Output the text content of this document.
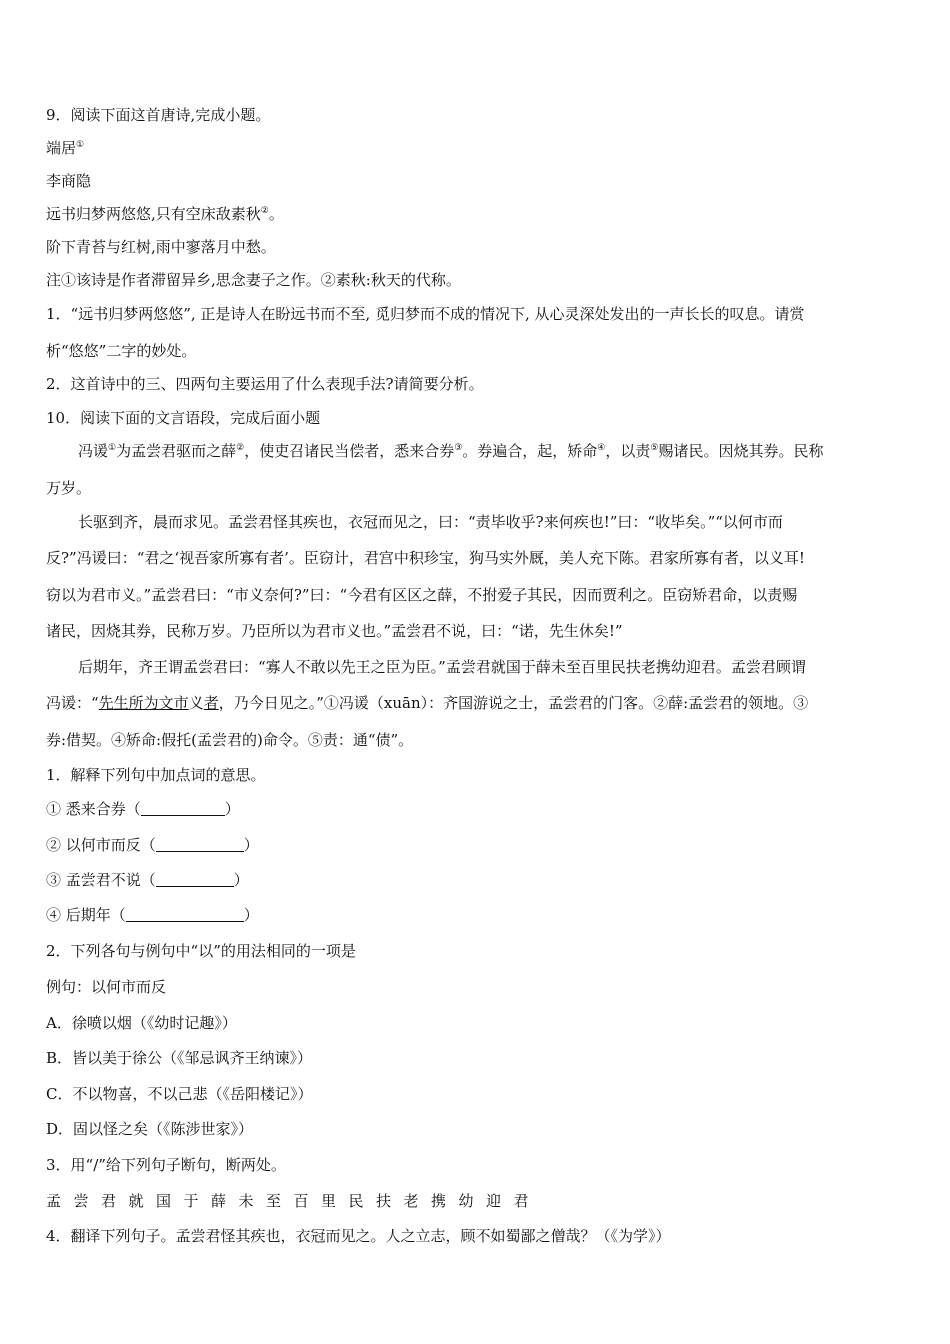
9．阅读下面这首唐诗,完成小题。
端居①
李商隐
远书归梦两悠悠,只有空床敌素秋②。
阶下青苔与红树,雨中寥落月中愁。
注①该诗是作者滞留异乡,思念妻子之作。②素秋:秋天的代称。
1．“远书归梦两悠悠”, 正是诗人在盼远书而不至, 觅归梦而不成的情况下, 从心灵深处发出的一声长长的叹息。请赏
析“悠悠”二字的妙处。
2．这首诗中的三、四两句主要运用了什么表现手法?请简要分析。
10．阅读下面的文言语段，完成后面小题
冯谖①为孟尝君驱而之薛②，使吏召诸民当偿者，悉来合券③。券遍合，起，矫命④，以责⑤赐诸民。因烧其券。民称
万岁。
长驱到齐，晨而求见。孟尝君怪其疾也，衣冠而见之，曰：“责毕收乎?来何疾也!”曰：“收毕矣。”“以何市而
反?”冯谖曰：“君之‘视吾家所寡有者’。臣窃计，君宫中积珍宝，狗马实外厩，美人充下陈。君家所寡有者，以义耳!
窃以为君市义。”孟尝君曰：“市义奈何?”曰：“今君有区区之薛，不拊爱子其民，因而贾利之。臣窃矫君命，以责赐
诸民，因烧其券，民称万岁。乃臣所以为君市义也。”孟尝君不说，曰：“诺，先生休矣!”
后期年，齐王谓孟尝君曰：“寡人不敢以先王之臣为臣。”孟尝君就国于薛未至百里民扶老携幼迎君。孟尝君顾谓
冯谖：“先生所为文市义者，乃今日见之。”①冯谖（xuān）：齐国游说之士，孟尝君的门客。②薛:孟尝君的领地。③
券:借契。④矫命:假托(孟尝君的)命令。⑤责：通“债”。
1．解释下列句中加点词的意思。
① 悉来合券（	）
② 以何市而反（	）
③ 孟尝君不说（	）
④ 后期年（	）
2．下列各句与例句中“以”的用法相同的一项是
例句：以何市而反
A．徐喷以烟（《幼时记趣》）
B．皆以美于徐公（《邹忌讽齐王纳谏》）
C．不以物喜，不以己悲（《岳阳楼记》）
D．固以怪之矣（《陈涉世家》）
3．用“/”给下列句子断句，断两处。
孟尝君就国于薛未至百里民扶老携幼迎君
4．翻译下列句子。孟尝君怪其疾也，衣冠而见之。人之立志，顾不如蜀鄙之僧哉？（《为学》）
